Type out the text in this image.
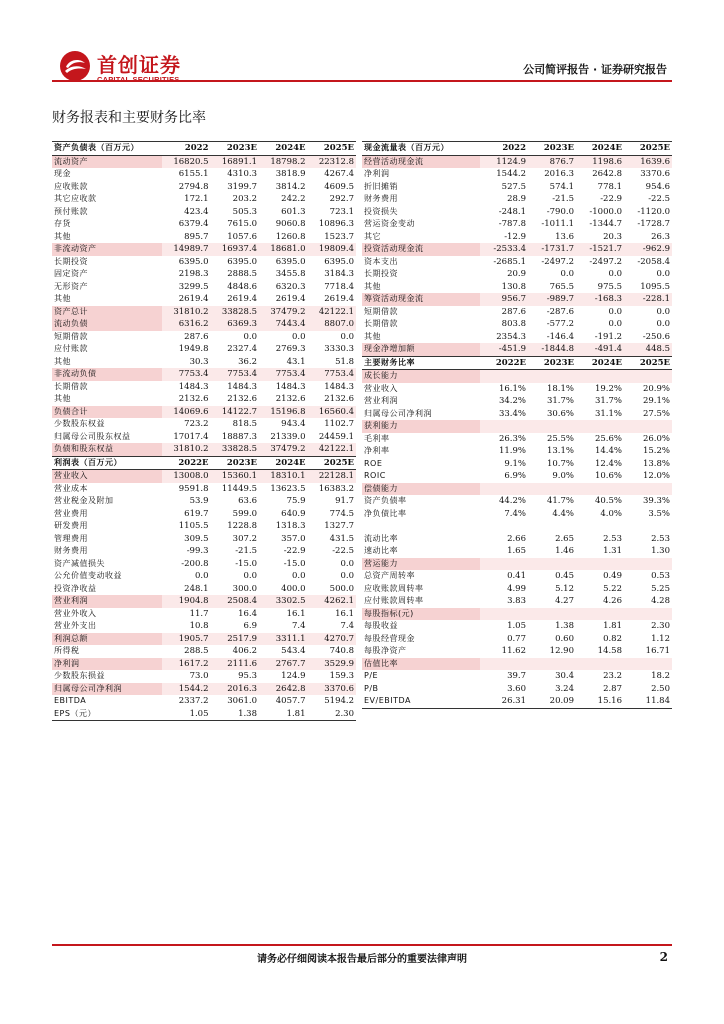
首创证券	公司简评报告 · 证券研究报告
财务报表和主要财务比率
资产负债表（百万元）	2022	2023E	2024E	2025E
流动资产	16820.5	16891.1	18798.2	22312.8
现金	6155.1	4310.3	3818.9	4267.4
应收账款	2794.8	3199.7	3814.2	4609.5
其它应收款	172.1	203.2	242.2	292.7
预付账款	423.4	505.3	601.3	723.1
存货	6379.4	7615.0	9060.8	10896.3
其他	895.7	1057.6	1260.8	1523.7
非流动资产	14989.7	16937.4	18681.0	19809.4
长期投资	6395.0	6395.0	6395.0	6395.0
固定资产	2198.3	2888.5	3455.8	3184.3
无形资产	3299.5	4848.6	6320.3	7718.4
其他	2619.4	2619.4	2619.4	2619.4
资产总计	31810.2	33828.5	37479.2	42122.1
流动负债	6316.2	6369.3	7443.4	8807.0
短期借款	287.6	0.0	0.0	0.0
应付账款	1949.8	2327.4	2769.3	3330.3
其他	30.3	36.2	43.1	51.8
非流动负债	7753.4	7753.4	7753.4	7753.4
长期借款	1484.3	1484.3	1484.3	1484.3
其他	2132.6	2132.6	2132.6	2132.6
负债合计	14069.6	14122.7	15196.8	16560.4
少数股东权益	723.2	818.5	943.4	1102.7
归属母公司股东权益	17017.4	18887.3	21339.0	24459.1
负债和股东权益	31810.2	33828.5	37479.2	42122.1
利润表（百万元）	2022E	2023E	2024E	2025E
营业收入	13008.0	15360.1	18310.1	22128.1
营业成本	9591.8	11449.5	13623.5	16383.2
营业税金及附加	53.9	63.6	75.9	91.7
营业费用	619.7	599.0	640.9	774.5
研发费用	1105.5	1228.8	1318.3	1327.7
管理费用	309.5	307.2	357.0	431.5
财务费用	-99.3	-21.5	-22.9	-22.5
资产减值损失	-200.8	-15.0	-15.0	0.0
公允价值变动收益	0.0	0.0	0.0	0.0
投资净收益	248.1	300.0	400.0	500.0
营业利润	1904.8	2508.4	3302.5	4262.1
营业外收入	11.7	16.4	16.1	16.1
营业外支出	10.8	6.9	7.4	7.4
利润总额	1905.7	2517.9	3311.1	4270.7
所得税	288.5	406.2	543.4	740.8
净利润	1617.2	2111.6	2767.7	3529.9
少数股东损益	73.0	95.3	124.9	159.3
归属母公司净利润	1544.2	2016.3	2642.8	3370.6
EBITDA	2337.2	3061.0	4057.7	5194.2
EPS（元）	1.05	1.38	1.81	2.30
现金流量表（百万元）	2022	2023E	2024E	2025E
经营活动现金流	1124.9	876.7	1198.6	1639.6
净利润	1544.2	2016.3	2642.8	3370.6
折旧摊销	527.5	574.1	778.1	954.6
财务费用	28.9	-21.5	-22.9	-22.5
投资损失	-248.1	-790.0	-1000.0	-1120.0
营运资金变动	-787.8	-1011.1	-1344.7	-1728.7
其它	-12.9	13.6	20.3	26.3
投资活动现金流	-2533.4	-1731.7	-1521.7	-962.9
资本支出	-2685.1	-2497.2	-2497.2	-2058.4
长期投资	20.9	0.0	0.0	0.0
其他	130.8	765.5	975.5	1095.5
筹资活动现金流	956.7	-989.7	-168.3	-228.1
短期借款	287.6	-287.6	0.0	0.0
长期借款	803.8	-577.2	0.0	0.0
其他	2354.3	-146.4	-191.2	-250.6
现金净增加额	-451.9	-1844.8	-491.4	448.5
主要财务比率	2022E	2023E	2024E	2025E
成长能力				
营业收入	16.1%	18.1%	19.2%	20.9%
营业利润	34.2%	31.7%	31.7%	29.1%
归属母公司净利润	33.4%	30.6%	31.1%	27.5%
获利能力				
毛利率	26.3%	25.5%	25.6%	26.0%
净利率	11.9%	13.1%	14.4%	15.2%
ROE	9.1%	10.7%	12.4%	13.8%
ROIC	6.9%	9.0%	10.6%	12.0%
偿债能力				
资产负债率	44.2%	41.7%	40.5%	39.3%
净负债比率	7.4%	4.4%	4.0%	3.5%

流动比率	2.66	2.65	2.53	2.53
速动比率	1.65	1.46	1.31	1.30
营运能力				
总资产周转率	0.41	0.45	0.49	0.53
应收账款周转率	4.99	5.12	5.22	5.25
应付账款周转率	3.83	4.27	4.26	4.28
每股指标(元)				
每股收益	1.05	1.38	1.81	2.30
每股经营现金	0.77	0.60	0.82	1.12
每股净资产	11.62	12.90	14.58	16.71
估值比率				
P/E	39.7	30.4	23.2	18.2
P/B	3.60	3.24	2.87	2.50
EV/EBITDA	26.31	20.09	15.16	11.84
请务必仔细阅读本报告最后部分的重要法律声明	2
